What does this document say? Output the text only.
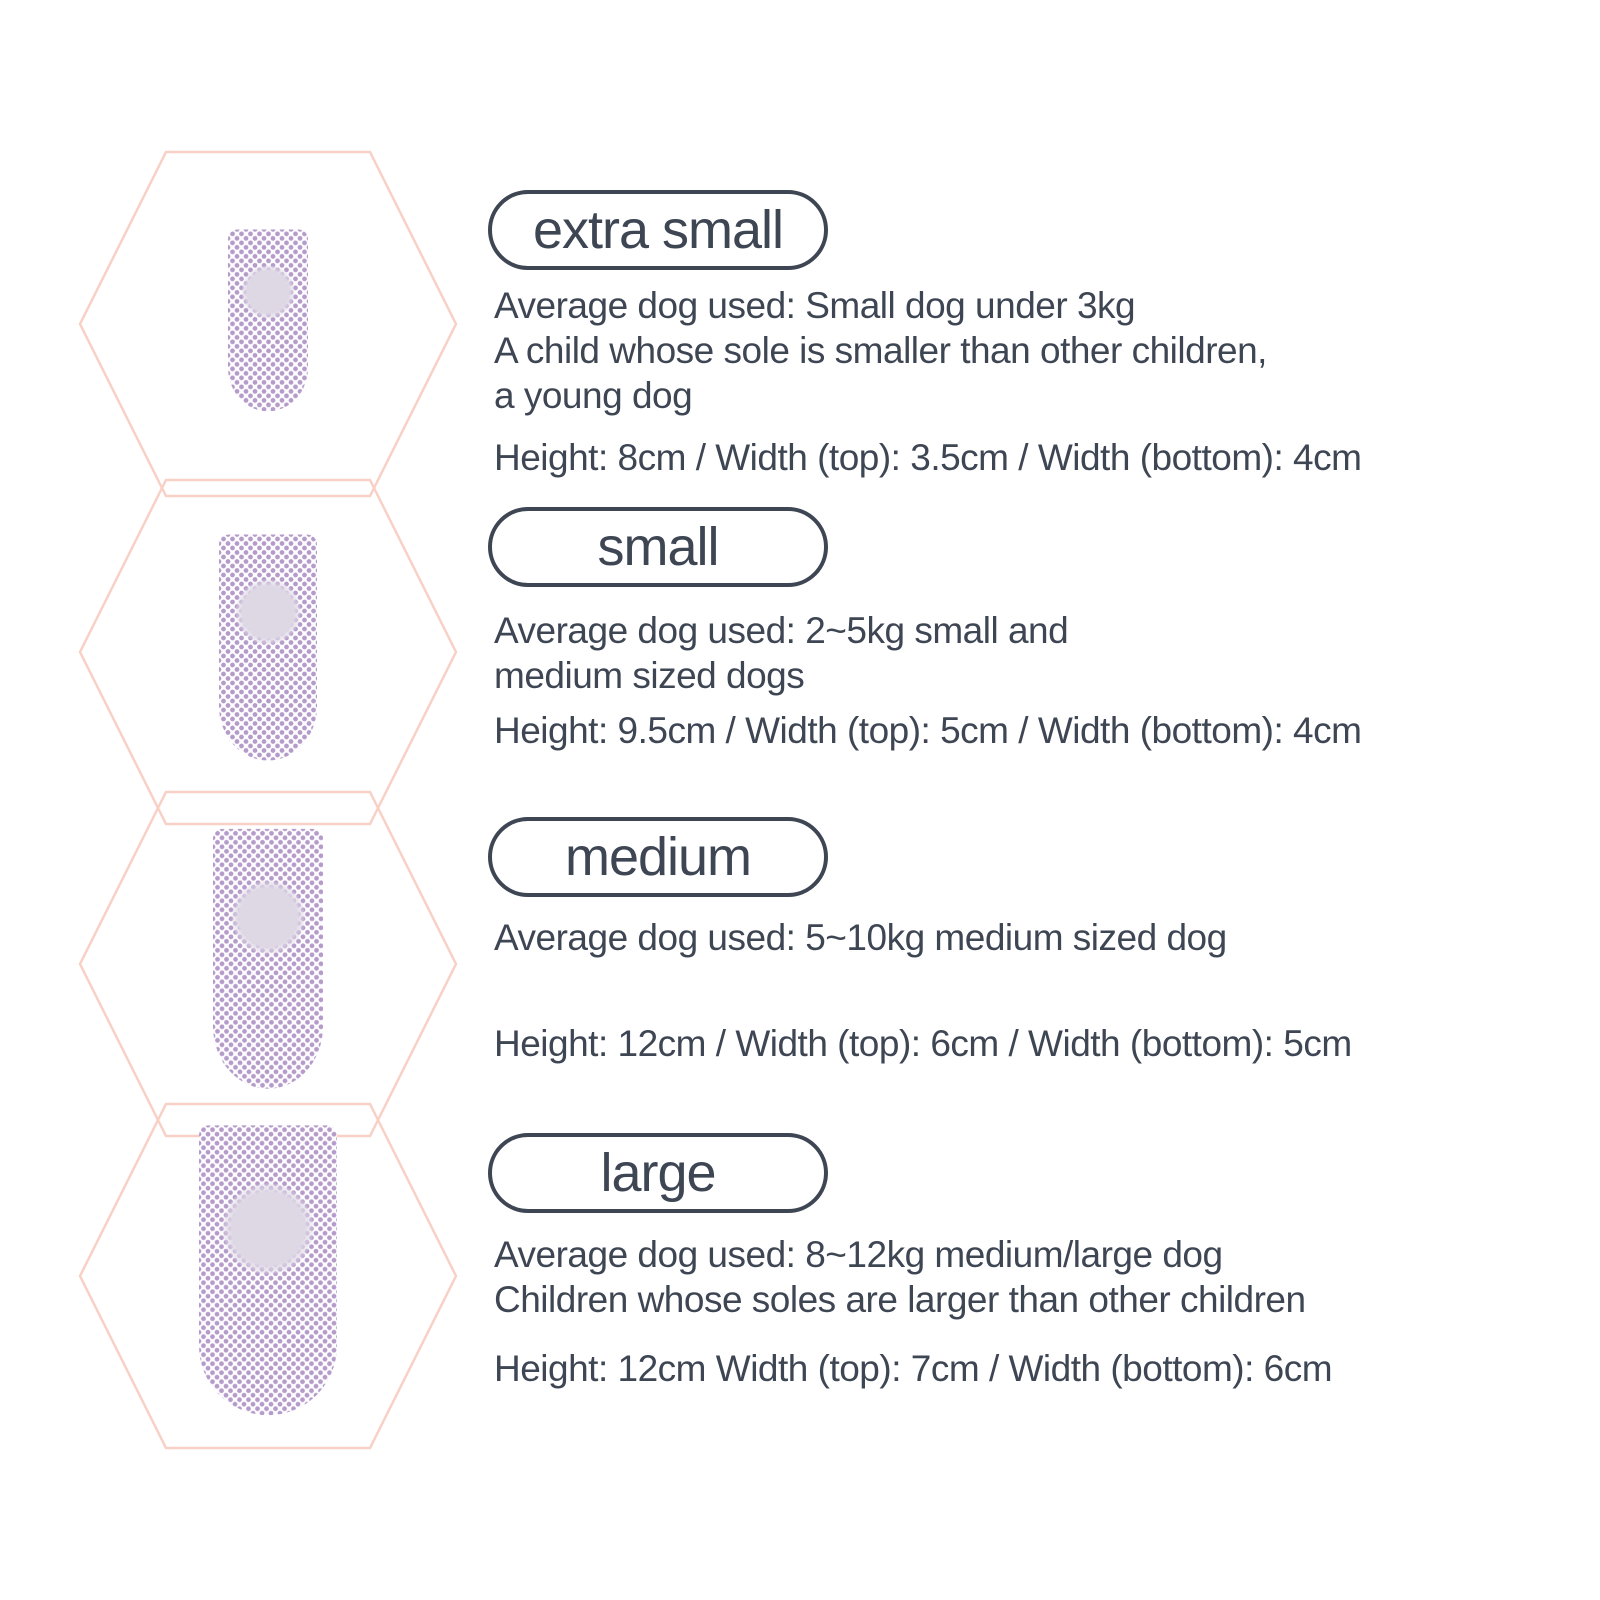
extra small
Average dog used: Small dog under 3kg
A child whose sole is smaller than other children,
a young dog
Height: 8cm / Width (top): 3.5cm / Width (bottom): 4cm
small
Average dog used: 2~5kg small and
medium sized dogs
Height: 9.5cm / Width (top): 5cm / Width (bottom): 4cm
medium
Average dog used: 5~10kg medium sized dog
Height: 12cm / Width (top): 6cm / Width (bottom): 5cm
large
Average dog used: 8~12kg medium/large dog
Children whose soles are larger than other children
Height: 12cm Width (top): 7cm / Width (bottom): 6cm
